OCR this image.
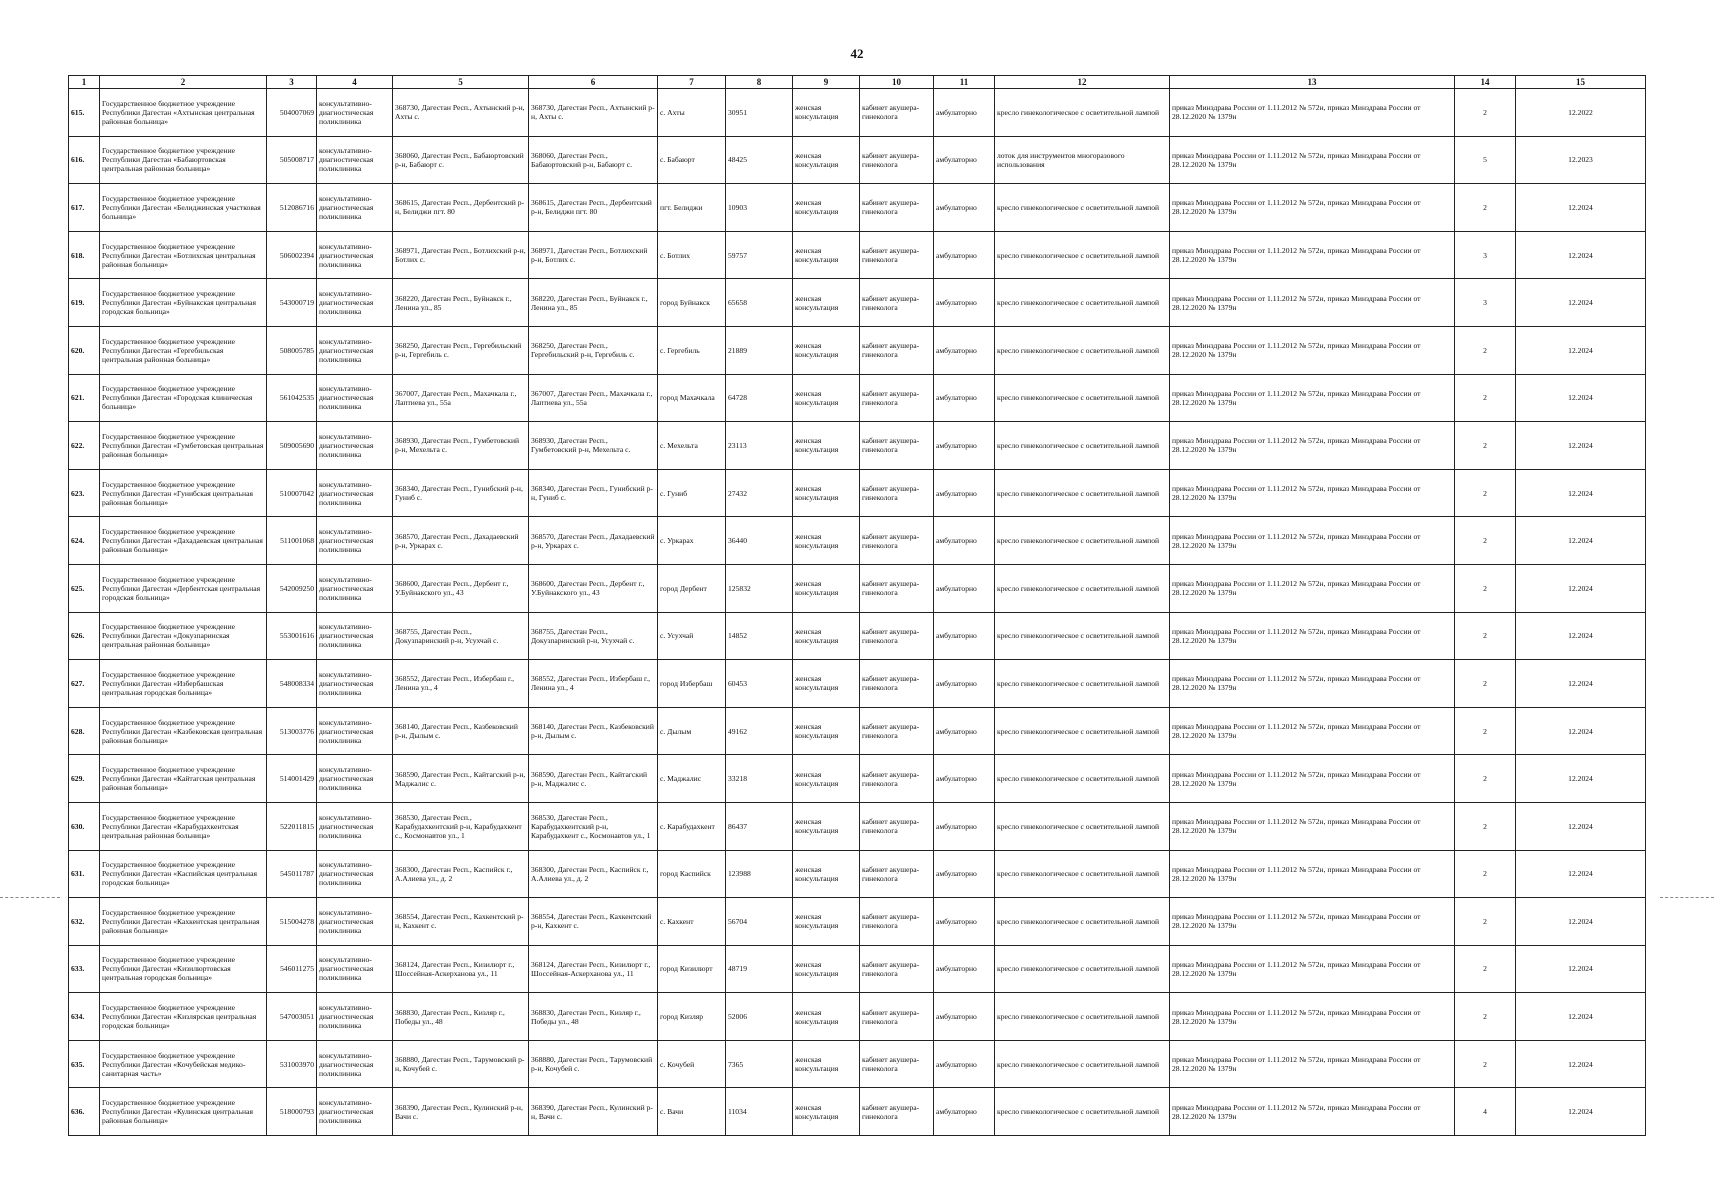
42
1	2	3	4	5	6	7	8	9	10	11	12	13	14	15
615.	Государственное бюджетное учреждение Республики Дагестан «Ахтынская центральная районная больница»	504007069	консультативно-диагностическая поликлиника	368730, Дагестан Респ., Ахтынский р-н, Ахты с.	368730, Дагестан Респ., Ахтынский р-н, Ахты с.	с. Ахты	30951	женская консультация	кабинет акушера-гинеколога	амбулаторно	кресло гинекологическое с осветительной лампой	приказ Минздрава России от 1.11.2012 № 572н, приказ Минздрава России от 28.12.2020 № 1379н	2	12.2022
616.	Государственное бюджетное учреждение Республики Дагестан «Бабаюртовская центральная районная больница»	505008717	консультативно-диагностическая поликлиника	368060, Дагестан Респ., Бабаюртовский р-н, Бабаюрт с.	368060, Дагестан Респ., Бабаюртовский р-н, Бабаюрт с.	с. Бабаюрт	48425	женская консультация	кабинет акушера-гинеколога	амбулаторно	лоток для инструментов многоразового использования	приказ Минздрава России от 1.11.2012 № 572н, приказ Минздрава России от 28.12.2020 № 1379н	5	12.2023
617.	Государственное бюджетное учреждение Республики Дагестан «Белиджинская участковая больница»	512086716	консультативно-диагностическая поликлиника	368615, Дагестан Респ., Дербентский р-н, Белиджи пгт. 80	368615, Дагестан Респ., Дербентский р-н, Белиджи пгт. 80	пгт. Белиджи	10903	женская консультация	кабинет акушера-гинеколога	амбулаторно	кресло гинекологическое с осветительной лампой	приказ Минздрава России от 1.11.2012 № 572н, приказ Минздрава России от 28.12.2020 № 1379н	2	12.2024
618.	Государственное бюджетное учреждение Республики Дагестан «Ботлихская центральная районная больница»	506002394	консультативно-диагностическая поликлиника	368971, Дагестан Респ., Ботлихский р-н, Ботлих с.	368971, Дагестан Респ., Ботлихский р-н, Ботлих с.	с. Ботлих	59757	женская консультация	кабинет акушера-гинеколога	амбулаторно	кресло гинекологическое с осветительной лампой	приказ Минздрава России от 1.11.2012 № 572н, приказ Минздрава России от 28.12.2020 № 1379н	3	12.2024
619.	Государственное бюджетное учреждение Республики Дагестан «Буйнакская центральная городская больница»	543000719	консультативно-диагностическая поликлиника	368220, Дагестан Респ., Буйнакск г., Ленина ул., 85	368220, Дагестан Респ., Буйнакск г., Ленина ул., 85	город Буйнакск	65658	женская консультация	кабинет акушера-гинеколога	амбулаторно	кресло гинекологическое с осветительной лампой	приказ Минздрава России от 1.11.2012 № 572н, приказ Минздрава России от 28.12.2020 № 1379н	3	12.2024
620.	Государственное бюджетное учреждение Республики Дагестан «Гергебильская центральная районная больница»	508005785	консультативно-диагностическая поликлиника	368250, Дагестан Респ., Гергебильский р-н, Гергебиль с.	368250, Дагестан Респ., Гергебильский р-н, Гергебиль с.	с. Гергебиль	21889	женская консультация	кабинет акушера-гинеколога	амбулаторно	кресло гинекологическое с осветительной лампой	приказ Минздрава России от 1.11.2012 № 572н, приказ Минздрава России от 28.12.2020 № 1379н	2	12.2024
621.	Государственное бюджетное учреждение Республики Дагестан «Городская клиническая больница»	561042535	консультативно-диагностическая поликлиника	367007, Дагестан Респ., Махачкала г., Лаптиева ул., 55а	367007, Дагестан Респ., Махачкала г., Лаптиева ул., 55а	город Махачкала	64728	женская консультация	кабинет акушера-гинеколога	амбулаторно	кресло гинекологическое с осветительной лампой	приказ Минздрава России от 1.11.2012 № 572н, приказ Минздрава России от 28.12.2020 № 1379н	2	12.2024
622.	Государственное бюджетное учреждение Республики Дагестан «Гумбетовская центральная районная больница»	509005690	консультативно-диагностическая поликлиника	368930, Дагестан Респ., Гумбетовский р-н, Мехельта с.	368930, Дагестан Респ., Гумбетовский р-н, Мехельта с.	с. Мехельта	23113	женская консультация	кабинет акушера-гинеколога	амбулаторно	кресло гинекологическое с осветительной лампой	приказ Минздрава России от 1.11.2012 № 572н, приказ Минздрава России от 28.12.2020 № 1379н	2	12.2024
623.	Государственное бюджетное учреждение Республики Дагестан «Гунибская центральная районная больница»	510007042	консультативно-диагностическая поликлиника	368340, Дагестан Респ., Гунибский р-н, Гуниб с.	368340, Дагестан Респ., Гунибский р-н, Гуниб с.	с. Гуниб	27432	женская консультация	кабинет акушера-гинеколога	амбулаторно	кресло гинекологическое с осветительной лампой	приказ Минздрава России от 1.11.2012 № 572н, приказ Минздрава России от 28.12.2020 № 1379н	2	12.2024
624.	Государственное бюджетное учреждение Республики Дагестан «Дахадаевская центральная районная больница»	511001068	консультативно-диагностическая поликлиника	368570, Дагестан Респ., Дахадаевский р-н, Уркарах с.	368570, Дагестан Респ., Дахадаевский р-н, Уркарах с.	с. Уркарах	36440	женская консультация	кабинет акушера-гинеколога	амбулаторно	кресло гинекологическое с осветительной лампой	приказ Минздрава России от 1.11.2012 № 572н, приказ Минздрава России от 28.12.2020 № 1379н	2	12.2024
625.	Государственное бюджетное учреждение Республики Дагестан «Дербентская центральная городская больница»	542009250	консультативно-диагностическая поликлиника	368600, Дагестан Респ., Дербент г., У.Буйнакского ул., 43	368600, Дагестан Респ., Дербент г., У.Буйнакского ул., 43	город Дербент	125832	женская консультация	кабинет акушера-гинеколога	амбулаторно	кресло гинекологическое с осветительной лампой	приказ Минздрава России от 1.11.2012 № 572н, приказ Минздрава России от 28.12.2020 № 1379н	2	12.2024
626.	Государственное бюджетное учреждение Республики Дагестан «Докузпаринская центральная районная больница»	553001616	консультативно-диагностическая поликлиника	368755, Дагестан Респ., Докузпаринский р-н, Усухчай с.	368755, Дагестан Респ., Докузпаринский р-н, Усухчай с.	с. Усухчай	14852	женская консультация	кабинет акушера-гинеколога	амбулаторно	кресло гинекологическое с осветительной лампой	приказ Минздрава России от 1.11.2012 № 572н, приказ Минздрава России от 28.12.2020 № 1379н	2	12.2024
627.	Государственное бюджетное учреждение Республики Дагестан «Избербашская центральная городская больница»	548008334	консультативно-диагностическая поликлиника	368552, Дагестан Респ., Избербаш г., Ленина ул., 4	368552, Дагестан Респ., Избербаш г., Ленина ул., 4	город Избербаш	60453	женская консультация	кабинет акушера-гинеколога	амбулаторно	кресло гинекологическое с осветительной лампой	приказ Минздрава России от 1.11.2012 № 572н, приказ Минздрава России от 28.12.2020 № 1379н	2	12.2024
628.	Государственное бюджетное учреждение Республики Дагестан «Казбековская центральная районная больница»	513003776	консультативно-диагностическая поликлиника	368140, Дагестан Респ., Казбековский р-н, Дылым с.	368140, Дагестан Респ., Казбековский р-н, Дылым с.	с. Дылым	49162	женская консультация	кабинет акушера-гинеколога	амбулаторно	кресло гинекологическое с осветительной лампой	приказ Минздрава России от 1.11.2012 № 572н, приказ Минздрава России от 28.12.2020 № 1379н	2	12.2024
629.	Государственное бюджетное учреждение Республики Дагестан «Кайтагская центральная районная больница»	514001429	консультативно-диагностическая поликлиника	368590, Дагестан Респ., Кайтагский р-н, Маджалис с.	368590, Дагестан Респ., Кайтагский р-н, Маджалис с.	с. Маджалис	33218	женская консультация	кабинет акушера-гинеколога	амбулаторно	кресло гинекологическое с осветительной лампой	приказ Минздрава России от 1.11.2012 № 572н, приказ Минздрава России от 28.12.2020 № 1379н	2	12.2024
630.	Государственное бюджетное учреждение Республики Дагестан «Карабудахкентская центральная районная больница»	522011815	консультативно-диагностическая поликлиника	368530, Дагестан Респ., Карабудахкентский р-н, Карабудахкент с., Космонавтов ул., 1	368530, Дагестан Респ., Карабудахкентский р-н, Карабудахкент с., Космонавтов ул., 1	с. Карабудахкент	86437	женская консультация	кабинет акушера-гинеколога	амбулаторно	кресло гинекологическое с осветительной лампой	приказ Минздрава России от 1.11.2012 № 572н, приказ Минздрава России от 28.12.2020 № 1379н	2	12.2024
631.	Государственное бюджетное учреждение Республики Дагестан «Каспийская центральная городская больница»	545011787	консультативно-диагностическая поликлиника	368300, Дагестан Респ., Каспийск г., А.Алиева ул., д. 2	368300, Дагестан Респ., Каспийск г., А.Алиева ул., д. 2	город Каспийск	123988	женская консультация	кабинет акушера-гинеколога	амбулаторно	кресло гинекологическое с осветительной лампой	приказ Минздрава России от 1.11.2012 № 572н, приказ Минздрава России от 28.12.2020 № 1379н	2	12.2024
632.	Государственное бюджетное учреждение Республики Дагестан «Кахкентская центральная районная больница»	515004278	консультативно-диагностическая поликлиника	368554, Дагестан Респ., Кахкентский р-н, Кахкент с.	368554, Дагестан Респ., Кахкентский р-н, Кахкент с.	с. Кахкент	56704	женская консультация	кабинет акушера-гинеколога	амбулаторно	кресло гинекологическое с осветительной лампой	приказ Минздрава России от 1.11.2012 № 572н, приказ Минздрава России от 28.12.2020 № 1379н	2	12.2024
633.	Государственное бюджетное учреждение Республики Дагестан «Кизилюртовская центральная городская больница»	546011275	консультативно-диагностическая поликлиника	368124, Дагестан Респ., Кизилюрт г., Шоссейная-Аскерханова ул., 11	368124, Дагестан Респ., Кизилюрт г., Шоссейная-Аскерханова ул., 11	город Кизилюрт	48719	женская консультация	кабинет акушера-гинеколога	амбулаторно	кресло гинекологическое с осветительной лампой	приказ Минздрава России от 1.11.2012 № 572н, приказ Минздрава России от 28.12.2020 № 1379н	2	12.2024
634.	Государственное бюджетное учреждение Республики Дагестан «Кизлярская центральная городская больница»	547003051	консультативно-диагностическая поликлиника	368830, Дагестан Респ., Кизляр г., Победы ул., 48	368830, Дагестан Респ., Кизляр г., Победы ул., 48	город Кизляр	52006	женская консультация	кабинет акушера-гинеколога	амбулаторно	кресло гинекологическое с осветительной лампой	приказ Минздрава России от 1.11.2012 № 572н, приказ Минздрава России от 28.12.2020 № 1379н	2	12.2024
635.	Государственное бюджетное учреждение Республики Дагестан «Кочубейская медико-санитарная часть»	531003970	консультативно-диагностическая поликлиника	368880, Дагестан Респ., Тарумовский р-н, Кочубей с.	368880, Дагестан Респ., Тарумовский р-н, Кочубей с.	с. Кочубей	7365	женская консультация	кабинет акушера-гинеколога	амбулаторно	кресло гинекологическое с осветительной лампой	приказ Минздрава России от 1.11.2012 № 572н, приказ Минздрава России от 28.12.2020 № 1379н	2	12.2024
636.	Государственное бюджетное учреждение Республики Дагестан «Кулинская центральная районная больница»	518000793	консультативно-диагностическая поликлиника	368390, Дагестан Респ., Кулинский р-н, Вачи с.	368390, Дагестан Респ., Кулинский р-н, Вачи с.	с. Вачи	11034	женская консультация	кабинет акушера-гинеколога	амбулаторно	кресло гинекологическое с осветительной лампой	приказ Минздрава России от 1.11.2012 № 572н, приказ Минздрава России от 28.12.2020 № 1379н	4	12.2024
